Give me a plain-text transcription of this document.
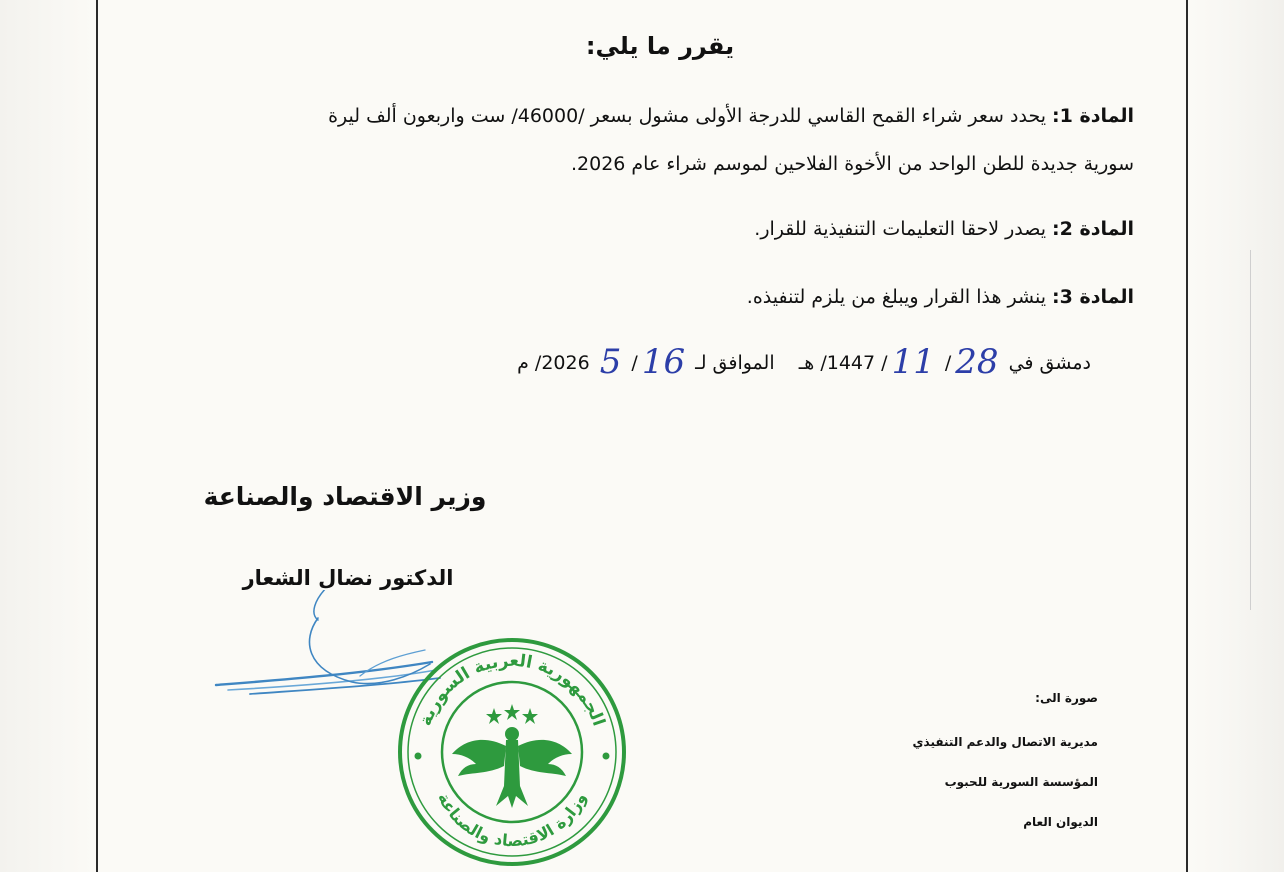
يقرر ما يلي:
المادة 1: يحدد سعر شراء القمح القاسي للدرجة الأولى مشول بسعر /46000/ ست واربعون ألف ليرة
سورية جديدة للطن الواحد من الأخوة الفلاحين لموسم شراء عام 2026.
المادة 2: يصدر لاحقا التعليمات التنفيذية للقرار.
المادة 3: ينشر هذا القرار ويبلغ من يلزم لتنفيذه.
دمشق في 28/ 11/ 1447/ هـ  الموافق لـ 16/ 5 2026/ م
وزير الاقتصاد والصناعة
الدكتور نضال الشعار
الجمهورية العربية السورية
وزارة الاقتصاد والصناعة
صورة الى:
مديرية الاتصال والدعم التنفيذي
المؤسسة السورية للحبوب
الديوان العام
